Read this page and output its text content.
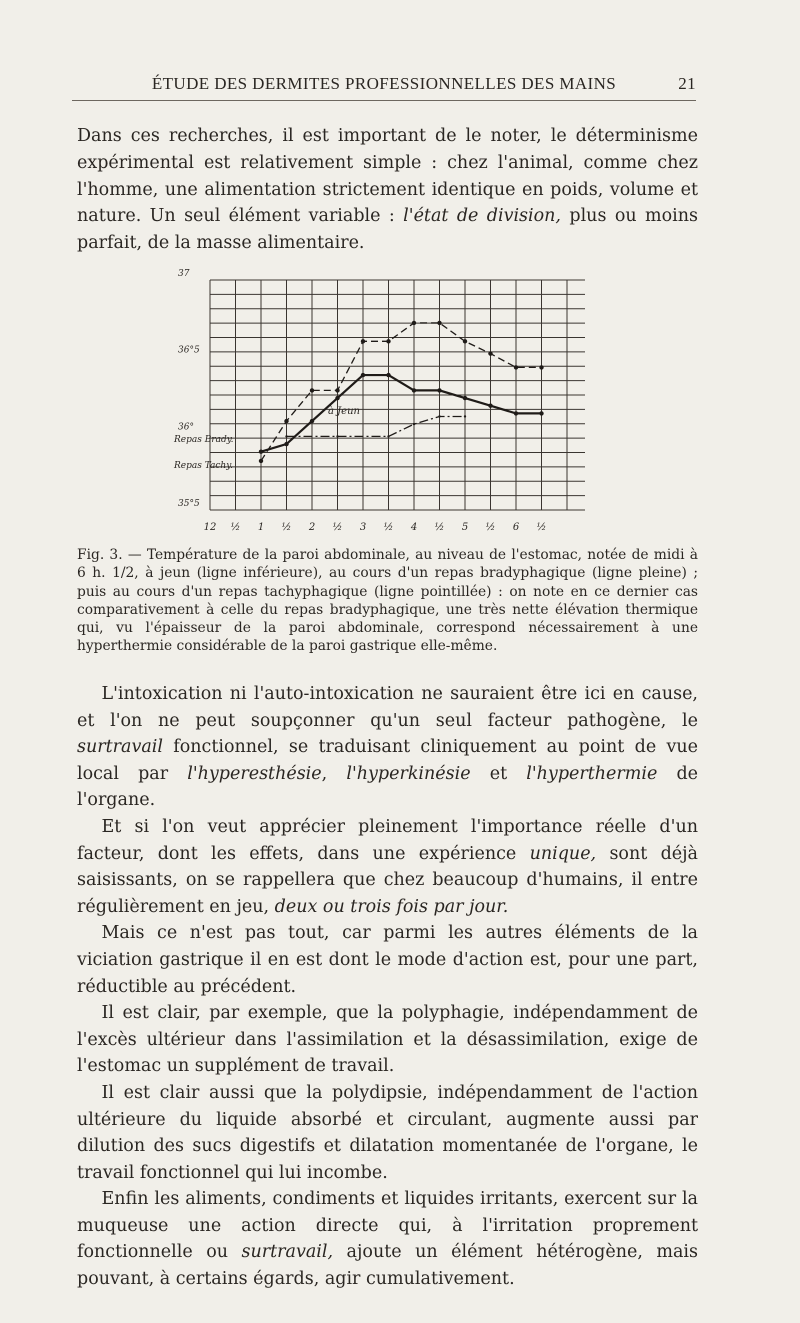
ÉTUDE DES DERMITES PROFESSIONNELLES DES MAINS	21

Dans ces recherches, il est important de le noter, le déterminisme expérimental est relativement simple : chez l'animal, comme chez l'homme, une alimentation strictement identique en poids, volume et nature. Un seul élément variable : l'état de division, plus ou moins parfait, de la masse alimentaire.

37
36°5
36°
35°5
12 ½ 1 ½ 2 ½ 3 ½ 4 ½ 5 ½ 6 ½
à Jeun
Repas Brady.
Repas Tachy.
Fig. 3. — Température de la paroi abdominale, au niveau de l'estomac, notée de midi à 6 h. 1/2, à jeun (ligne inférieure), au cours d'un repas bradyphagique (ligne pleine) ; puis au cours d'un repas tachyphagique (ligne pointillée) : on note en ce dernier cas comparativement à celle du repas bradyphagique, une très nette élévation thermique qui, vu l'épaisseur de la paroi abdominale, correspond nécessairement à une hyperthermie considérable de la paroi gastrique elle-même.

L'intoxication ni l'auto-intoxication ne sauraient être ici en cause, et l'on ne peut soupçonner qu'un seul facteur pathogène, le surtravail fonctionnel, se traduisant cliniquement au point de vue local par l'hyperesthésie, l'hyperkinésie et l'hyperthermie de l'organe.

Et si l'on veut apprécier pleinement l'importance réelle d'un facteur, dont les effets, dans une expérience unique, sont déjà saisissants, on se rappellera que chez beaucoup d'humains, il entre régulièrement en jeu, deux ou trois fois par jour.

Mais ce n'est pas tout, car parmi les autres éléments de la viciation gastrique il en est dont le mode d'action est, pour une part, réductible au précédent.

Il est clair, par exemple, que la polyphagie, indépendamment de l'excès ultérieur dans l'assimilation et la désassimilation, exige de l'estomac un supplément de travail.

Il est clair aussi que la polydipsie, indépendamment de l'action ultérieure du liquide absorbé et circulant, augmente aussi par dilution des sucs digestifs et dilatation momentanée de l'organe, le travail fonctionnel qui lui incombe.

Enfin les aliments, condiments et liquides irritants, exercent sur la muqueuse une action directe qui, à l'irritation proprement fonctionnelle ou surtravail, ajoute un élément hétérogène, mais pouvant, à certains égards, agir cumulativement.
